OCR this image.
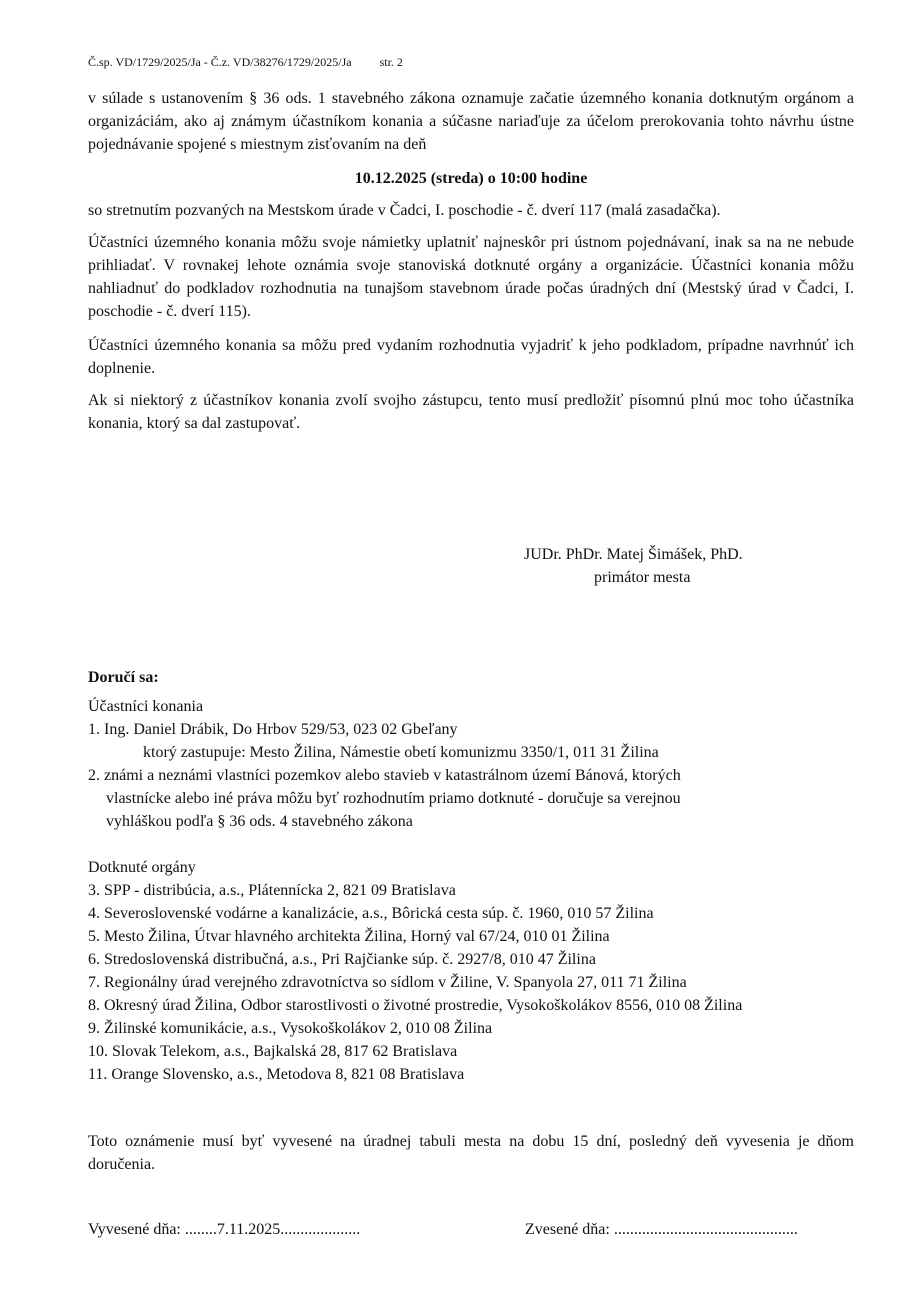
Č.sp. VD/1729/2025/Ja - Č.z. VD/38276/1729/2025/Ja str. 2
v súlade s ustanovením § 36 ods. 1 stavebného zákona oznamuje začatie územného konania dotknutým orgánom a organizáciám, ako aj známym účastníkom konania a súčasne nariaďuje za účelom prerokovania tohto návrhu ústne pojednávanie spojené s miestnym zisťovaním na deň
10.12.2025 (streda) o 10:00 hodine
so stretnutím pozvaných na Mestskom úrade v Čadci, I. poschodie - č. dverí 117 (malá zasadačka).
Účastníci územného konania môžu svoje námietky uplatniť najneskôr pri ústnom pojednávaní, inak sa na ne nebude prihliadať. V rovnakej lehote oznámia svoje stanoviská dotknuté orgány a organizácie. Účastníci konania môžu nahliadnuť do podkladov rozhodnutia na tunajšom stavebnom úrade počas úradných dní (Mestský úrad v Čadci, I. poschodie - č. dverí 115).
Účastníci územného konania sa môžu pred vydaním rozhodnutia vyjadriť k jeho podkladom, prípadne navrhnúť ich doplnenie.
Ak si niektorý z účastníkov konania zvolí svojho zástupcu, tento musí predložiť písomnú plnú moc toho účastníka konania, ktorý sa dal zastupovať.
JUDr. PhDr. Matej Šimášek, PhD.
primátor mesta
Doručí sa:
Účastníci konania
1. Ing. Daniel Drábik, Do Hrbov 529/53, 023 02 Gbeľany
ktorý zastupuje: Mesto Žilina, Námestie obetí komunizmu 3350/1, 011 31 Žilina
2. známi a neznámi vlastníci pozemkov alebo stavieb v katastrálnom území Bánová, ktorých
vlastnícke alebo iné práva môžu byť rozhodnutím priamo dotknuté - doručuje sa verejnou
vyhláškou podľa § 36 ods. 4 stavebného zákona
Dotknuté orgány
3. SPP - distribúcia, a.s., Plátennícka 2, 821 09 Bratislava
4. Severoslovenské vodárne a kanalizácie, a.s., Bôrická cesta súp. č. 1960, 010 57 Žilina
5. Mesto Žilina, Útvar hlavného architekta Žilina, Horný val 67/24, 010 01 Žilina
6. Stredoslovenská distribučná, a.s., Pri Rajčianke súp. č. 2927/8, 010 47 Žilina
7. Regionálny úrad verejného zdravotníctva so sídlom v Žiline, V. Spanyola 27, 011 71 Žilina
8. Okresný úrad Žilina, Odbor starostlivosti o životné prostredie, Vysokoškolákov 8556, 010 08 Žilina
9. Žilinské komunikácie, a.s., Vysokoškolákov 2, 010 08 Žilina
10. Slovak Telekom, a.s., Bajkalská 28, 817 62 Bratislava
11. Orange Slovensko, a.s., Metodova 8, 821 08 Bratislava
Toto oznámenie musí byť vyvesené na úradnej tabuli mesta na dobu 15 dní, posledný deň vyvesenia je dňom doručenia.
Vyvesené dňa: ........7.11.2025....................	Zvesené dňa: ..............................................
